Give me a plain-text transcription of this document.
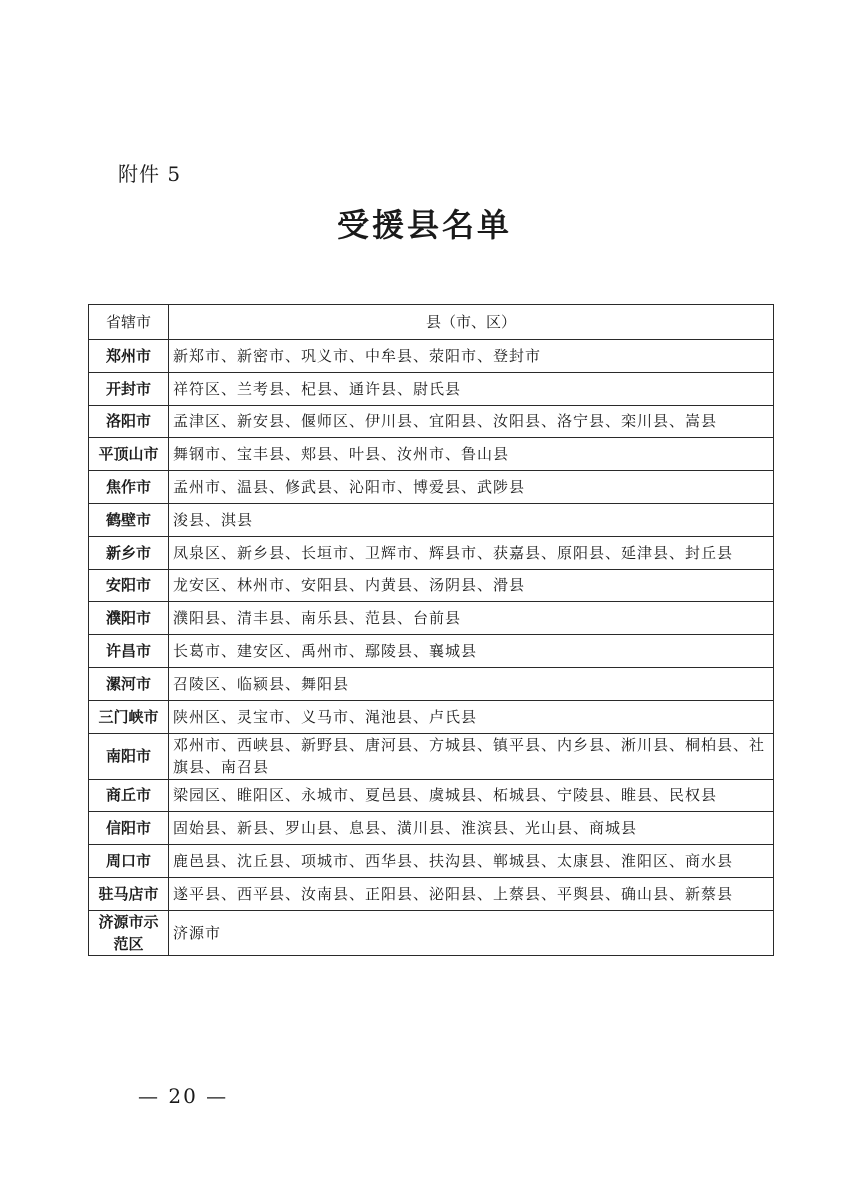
附件 5
受援县名单
省辖市	县（市、区）
郑州市	新郑市、新密市、巩义市、中牟县、荥阳市、登封市
开封市	祥符区、兰考县、杞县、通许县、尉氏县
洛阳市	孟津区、新安县、偃师区、伊川县、宜阳县、汝阳县、洛宁县、栾川县、嵩县
平顶山市	舞钢市、宝丰县、郏县、叶县、汝州市、鲁山县
焦作市	孟州市、温县、修武县、沁阳市、博爱县、武陟县
鹤壁市	浚县、淇县
新乡市	凤泉区、新乡县、长垣市、卫辉市、辉县市、获嘉县、原阳县、延津县、封丘县
安阳市	龙安区、林州市、安阳县、内黄县、汤阴县、滑县
濮阳市	濮阳县、清丰县、南乐县、范县、台前县
许昌市	长葛市、建安区、禹州市、鄢陵县、襄城县
漯河市	召陵区、临颍县、舞阳县
三门峡市	陕州区、灵宝市、义马市、渑池县、卢氏县
南阳市	邓州市、西峡县、新野县、唐河县、方城县、镇平县、内乡县、淅川县、桐柏县、社旗县、南召县
商丘市	梁园区、睢阳区、永城市、夏邑县、虞城县、柘城县、宁陵县、睢县、民权县
信阳市	固始县、新县、罗山县、息县、潢川县、淮滨县、光山县、商城县
周口市	鹿邑县、沈丘县、项城市、西华县、扶沟县、郸城县、太康县、淮阳区、商水县
驻马店市	遂平县、西平县、汝南县、正阳县、泌阳县、上蔡县、平舆县、确山县、新蔡县
济源市示范区	济源市
— 20 —
